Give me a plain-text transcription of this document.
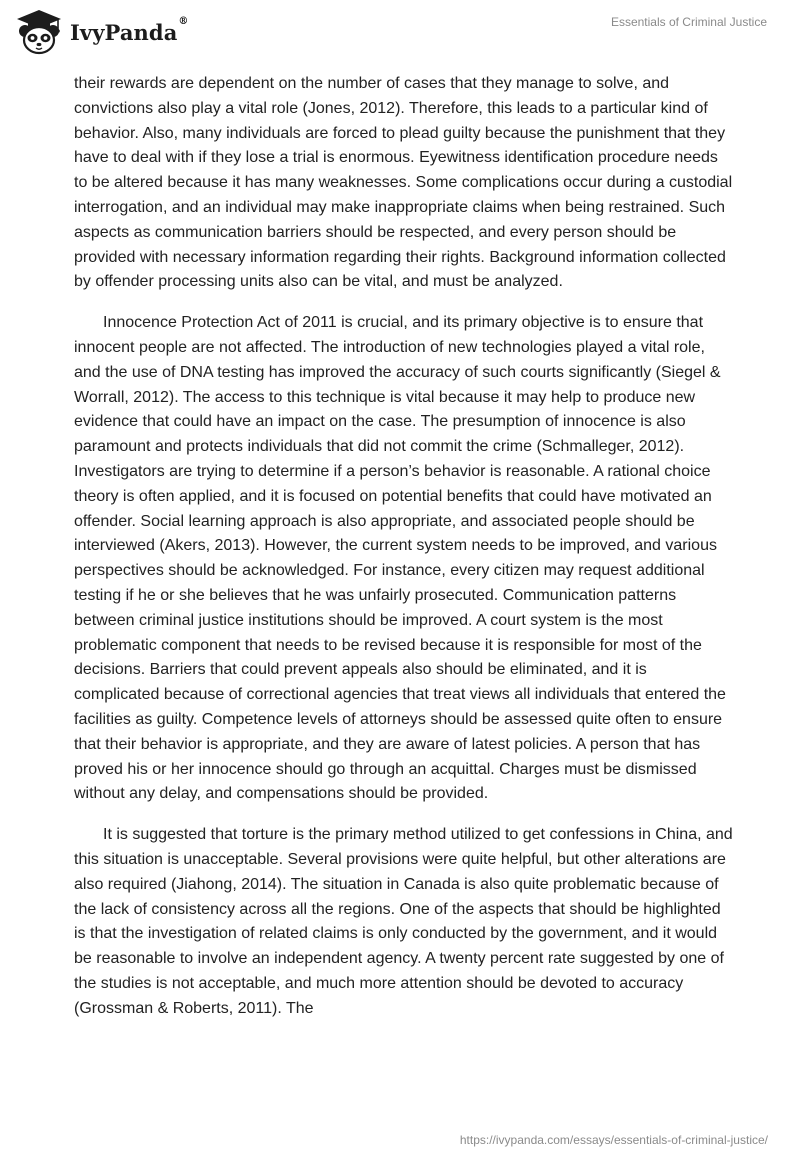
IvyPanda®	Essentials of Criminal Justice

their rewards are dependent on the number of cases that they manage to solve, and convictions also play a vital role (Jones, 2012). Therefore, this leads to a particular kind of behavior. Also, many individuals are forced to plead guilty because the punishment that they have to deal with if they lose a trial is enormous. Eyewitness identification procedure needs to be altered because it has many weaknesses. Some complications occur during a custodial interrogation, and an individual may make inappropriate claims when being restrained. Such aspects as communication barriers should be respected, and every person should be provided with necessary information regarding their rights. Background information collected by offender processing units also can be vital, and must be analyzed.

Innocence Protection Act of 2011 is crucial, and its primary objective is to ensure that innocent people are not affected. The introduction of new technologies played a vital role, and the use of DNA testing has improved the accuracy of such courts significantly (Siegel & Worrall, 2012). The access to this technique is vital because it may help to produce new evidence that could have an impact on the case. The presumption of innocence is also paramount and protects individuals that did not commit the crime (Schmalleger, 2012). Investigators are trying to determine if a person’s behavior is reasonable. A rational choice theory is often applied, and it is focused on potential benefits that could have motivated an offender. Social learning approach is also appropriate, and associated people should be interviewed (Akers, 2013). However, the current system needs to be improved, and various perspectives should be acknowledged. For instance, every citizen may request additional testing if he or she believes that he was unfairly prosecuted. Communication patterns between criminal justice institutions should be improved. A court system is the most problematic component that needs to be revised because it is responsible for most of the decisions. Barriers that could prevent appeals also should be eliminated, and it is complicated because of correctional agencies that treat views all individuals that entered the facilities as guilty. Competence levels of attorneys should be assessed quite often to ensure that their behavior is appropriate, and they are aware of latest policies. A person that has proved his or her innocence should go through an acquittal. Charges must be dismissed without any delay, and compensations should be provided.

It is suggested that torture is the primary method utilized to get confessions in China, and this situation is unacceptable. Several provisions were quite helpful, but other alterations are also required (Jiahong, 2014). The situation in Canada is also quite problematic because of the lack of consistency across all the regions. One of the aspects that should be highlighted is that the investigation of related claims is only conducted by the government, and it would be reasonable to involve an independent agency. A twenty percent rate suggested by one of the studies is not acceptable, and much more attention should be devoted to accuracy (Grossman & Roberts, 2011). The

https://ivypanda.com/essays/essentials-of-criminal-justice/
